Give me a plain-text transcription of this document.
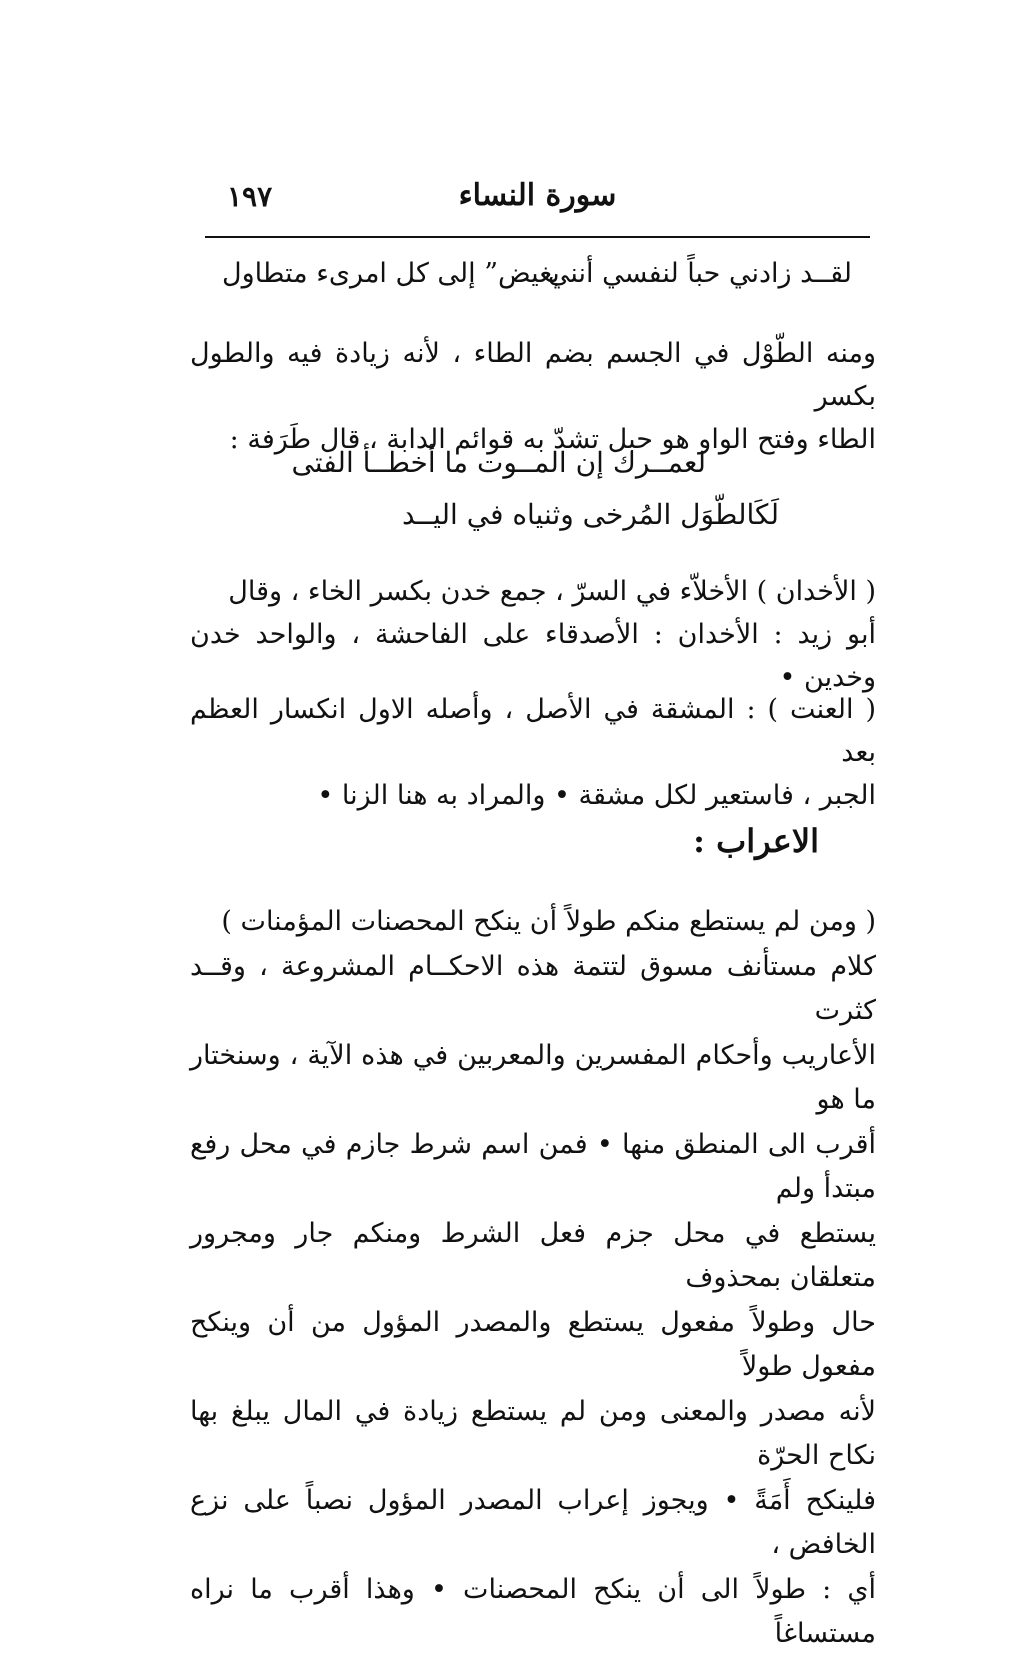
١٩٧	سورة النساء
لقــد زادني حباً لنفسي أنني
بغيض” إلى كل امرىء متطاول
ومنه الطّوْل في الجسم بضم الطاء ، لأنه زيادة فيه والطول بكسر
الطاء وفتح الواو هو حبل تشدّ به قوائم الدابة ، قال طَرَفة :
لعمــرك إن المــوت ما أخطــأ الفتى
لَكَالطّوَل المُرخى وثنياه في اليــد
( الأخدان ) الأخلاّء في السرّ ، جمع خدن بكسر الخاء ، وقال
أبو زيد : الأخدان : الأصدقاء على الفاحشة ، والواحد خدن وخدين •
( العنت ) : المشقة في الأصل ، وأصله الاول انكسار العظم بعد
الجبر ، فاستعير لكل مشقة • والمراد به هنا الزنا •
الاعراب :
( ومن لم يستطع منكم طولاً أن ينكح المحصنات المؤمنات )
كلام مستأنف مسوق لتتمة هذه الاحكــام المشروعة ، وقــد كثرت
الأعاريب وأحكام المفسرين والمعربين في هذه الآية ، وسنختار ما هو
أقرب الى المنطق منها • فمن اسم شرط جازم في محل رفع مبتدأ ولم
يستطع في محل جزم فعل الشرط ومنكم جار ومجرور متعلقان بمحذوف
حال وطولاً مفعول يستطع والمصدر المؤول من أن وينكح مفعول طولاً
لأنه مصدر والمعنى ومن لم يستطع زيادة في المال يبلغ بها نكاح الحرّة
فلينكح أَمَةً • ويجوز إعراب المصدر المؤول نصباً على نزع الخافض ،
أي : طولاً الى أن ينكح المحصنات • وهذا أقرب ما نراه مستساغاً
